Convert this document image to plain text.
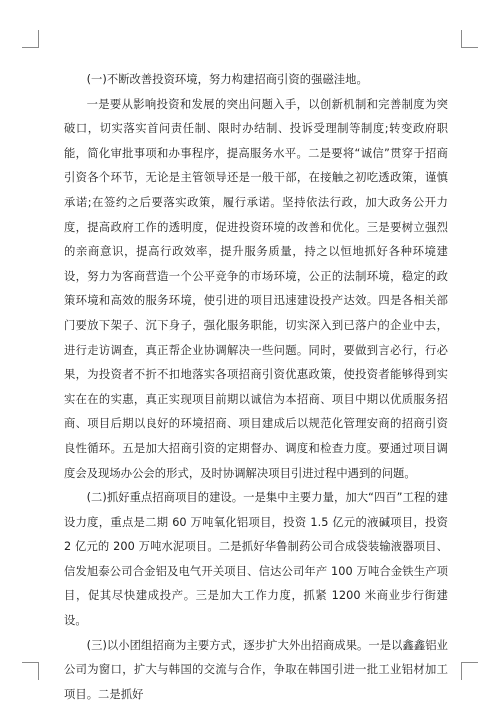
(一)不断改善投资环境，努力构建招商引资的强磁洼地。

一是要从影响投资和发展的突出问题入手，以创新机制和完善制度为突破口，切实落实首问责任制、限时办结制、投诉受理制等制度;转变政府职能，简化审批事项和办事程序，提高服务水平。二是要将“诚信”贯穿于招商引资各个环节，无论是主管领导还是一般干部，在接触之初吃透政策，谨慎承诺;在签约之后要落实政策，履行承诺。坚持依法行政，加大政务公开力度，提高政府工作的透明度，促进投资环境的改善和优化。三是要树立强烈的亲商意识，提高行政效率，提升服务质量，持之以恒地抓好各种环境建设，努力为客商营造一个公平竞争的市场环境，公正的法制环境，稳定的政策环境和高效的服务环境，使引进的项目迅速建设投产达效。四是各相关部门要放下架子、沉下身子，强化服务职能，切实深入到已落户的企业中去，进行走访调查，真正帮企业协调解决一些问题。同时，要做到言必行，行必果，为投资者不折不扣地落实各项招商引资优惠政策，使投资者能够得到实实在在的实惠，真正实现项目前期以诚信为本招商、项目中期以优质服务招商、项目后期以良好的环境招商、项目建成后以规范化管理安商的招商引资良性循环。五是加大招商引资的定期督办、调度和检查力度。要通过项目调度会及现场办公会的形式，及时协调解决项目引进过程中遇到的问题。

(二)抓好重点招商项目的建设。一是集中主要力量，加大“四百”工程的建设力度，重点是二期 60 万吨氧化铝项目，投资 1.5 亿元的液碱项目，投资 2 亿元的 200 万吨水泥项目。二是抓好华鲁制药公司合成袋装输液器项目、信发旭泰公司合金铝及电气开关项目、信达公司年产 100 万吨合金铁生产项目，促其尽快建成投产。三是加大工作力度，抓紧 1200 米商业步行街建设。

(三)以小团组招商为主要方式，逐步扩大外出招商成果。一是以鑫鑫铝业公司为窗口，扩大与韩国的交流与合作，争取在韩国引进一批工业铝材加工项目。二是抓好
